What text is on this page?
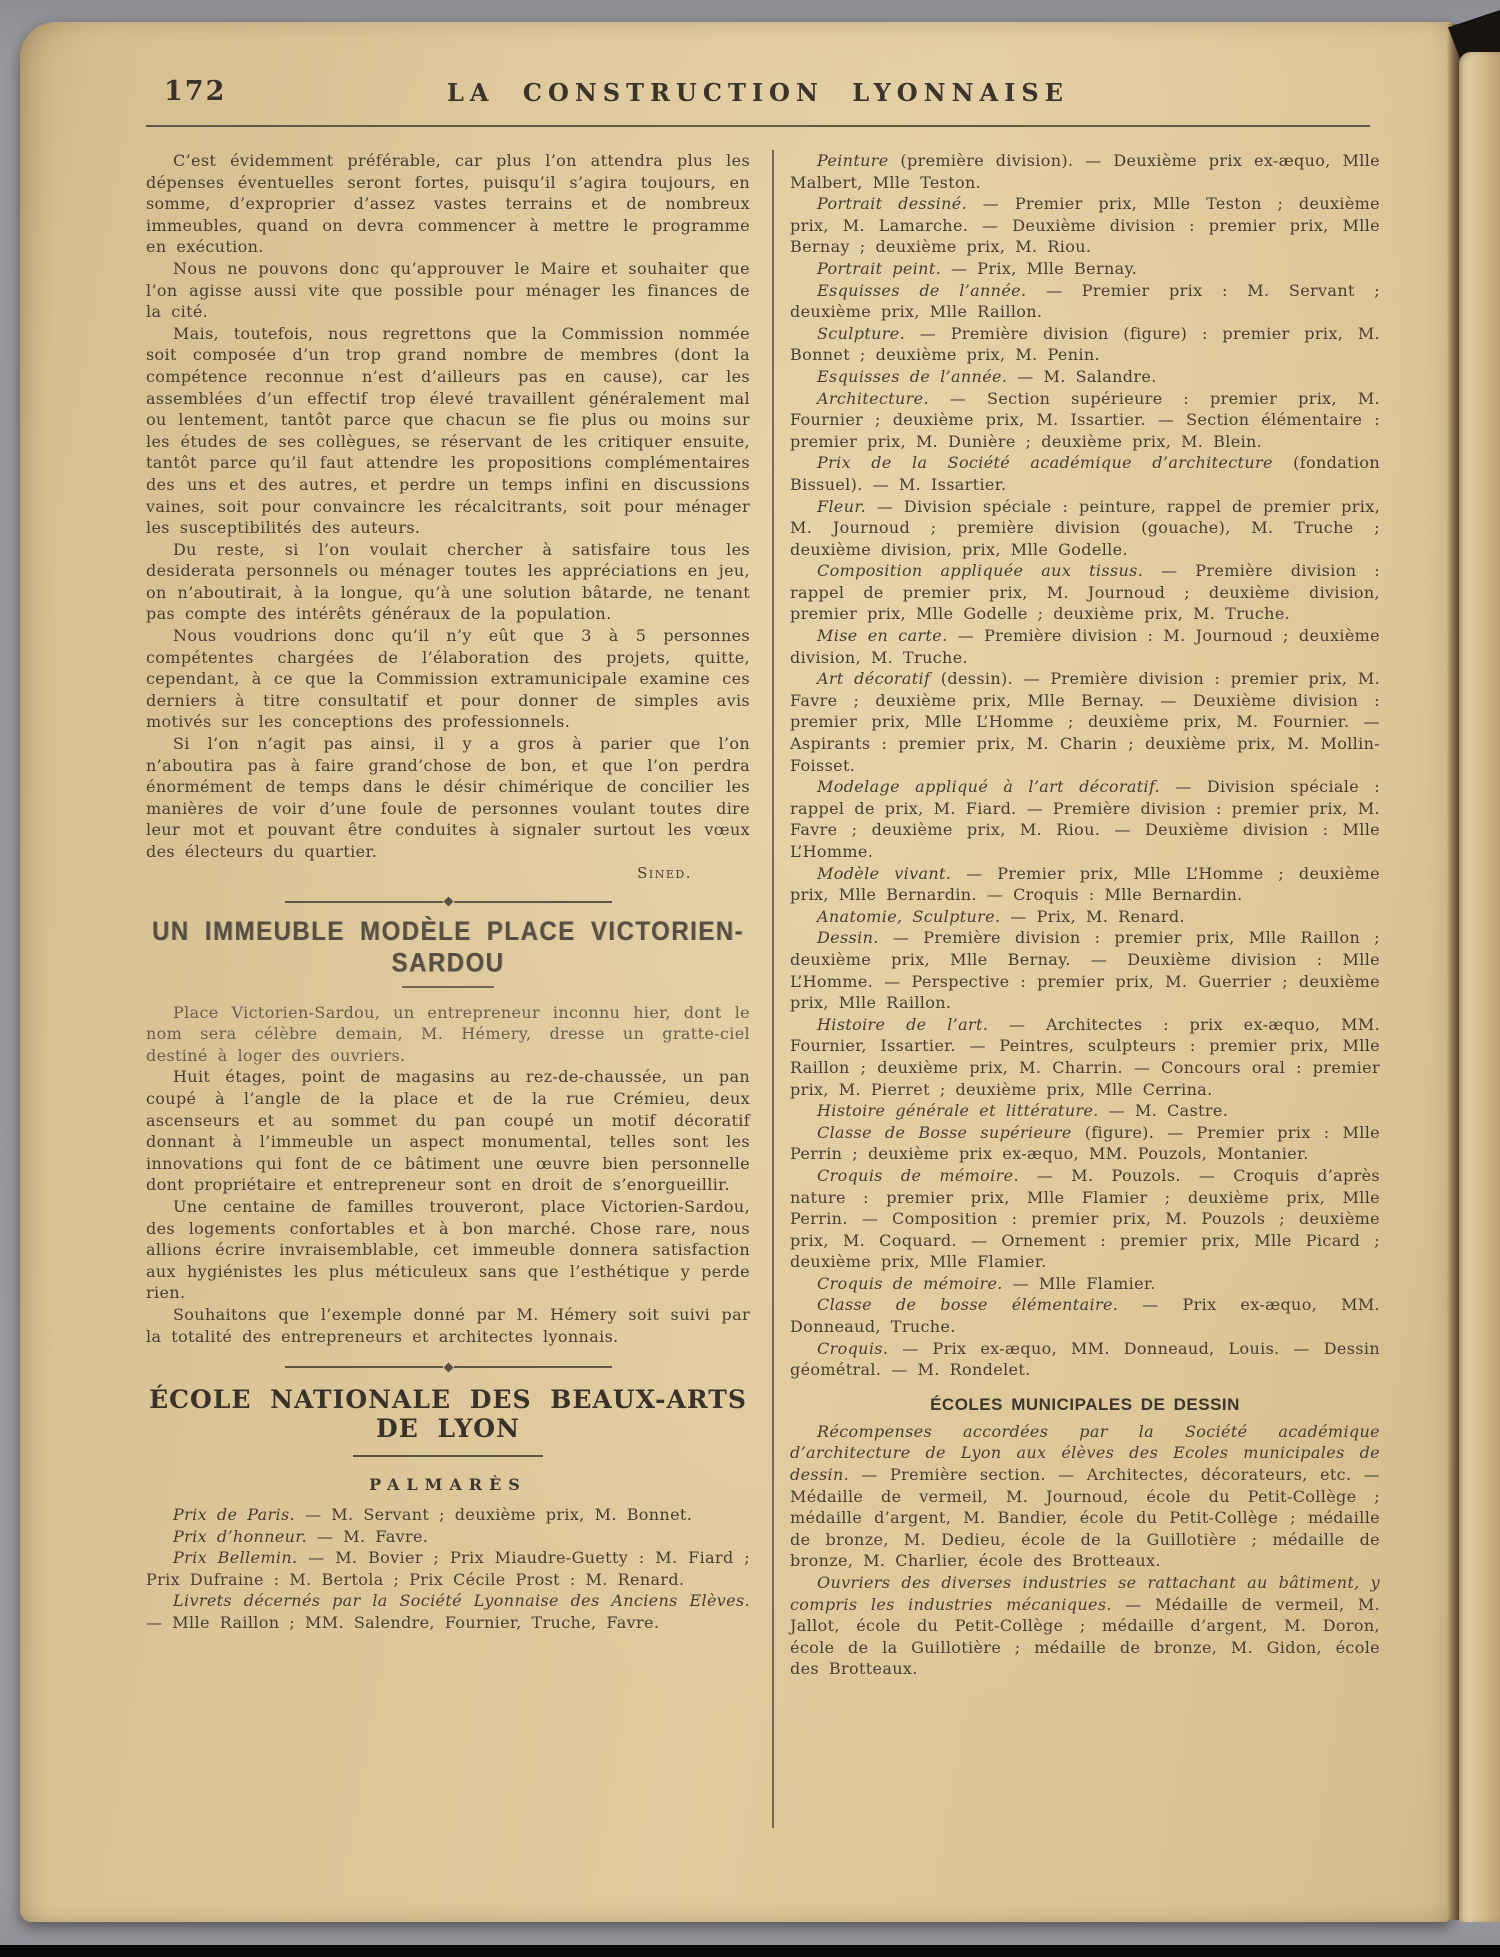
172	LA CONSTRUCTION LYONNAISE

C’est évidemment préférable, car plus l’on attendra plus les dépenses éventuelles seront fortes, puisqu’il s’agira toujours, en somme, d’exproprier d’assez vastes terrains et de nombreux immeubles, quand on devra commencer à mettre le programme en exécution.

Nous ne pouvons donc qu’approuver le Maire et souhaiter que l’on agisse aussi vite que possible pour ménager les finances de la cité.

Mais, toutefois, nous regrettons que la Commission nommée soit composée d’un trop grand nombre de membres (dont la compétence reconnue n’est d’ailleurs pas en cause), car les assemblées d’un effectif trop élevé travaillent généralement mal ou lentement, tantôt parce que chacun se fie plus ou moins sur les études de ses collègues, se réservant de les critiquer ensuite, tantôt parce qu’il faut attendre les propositions complémentaires des uns et des autres, et perdre un temps infini en discussions vaines, soit pour convaincre les récalcitrants, soit pour ménager les susceptibilités des auteurs.

Du reste, si l’on voulait chercher à satisfaire tous les desiderata personnels ou ménager toutes les appréciations en jeu, on n’aboutirait, à la longue, qu’à une solution bâtarde, ne tenant pas compte des intérêts généraux de la population.

Nous voudrions donc qu’il n’y eût que 3 à 5 personnes compétentes chargées de l’élaboration des projets, quitte, cependant, à ce que la Commission extramunicipale examine ces derniers à titre consultatif et pour donner de simples avis motivés sur les conceptions des professionnels.

Si l’on n’agit pas ainsi, il y a gros à parier que l’on n’aboutira pas à faire grand’chose de bon, et que l’on perdra énormément de temps dans le désir chimérique de concilier les manières de voir d’une foule de personnes voulant toutes dire leur mot et pouvant être conduites à signaler surtout les vœux des électeurs du quartier.

Sined.

UN IMMEUBLE MODÈLE PLACE VICTORIEN-SARDOU

Place Victorien-Sardou, un entrepreneur inconnu hier, dont le nom sera célèbre demain, M. Hémery, dresse un gratte-ciel destiné à loger des ouvriers.

Huit étages, point de magasins au rez-de-chaussée, un pan coupé à l’angle de la place et de la rue Crémieu, deux ascenseurs et au sommet du pan coupé un motif décoratif donnant à l’immeuble un aspect monumental, telles sont les innovations qui font de ce bâtiment une œuvre bien personnelle dont propriétaire et entrepreneur sont en droit de s’enorgueillir.

Une centaine de familles trouveront, place Victorien-Sardou, des logements confortables et à bon marché. Chose rare, nous allions écrire invraisemblable, cet immeuble donnera satisfaction aux hygiénistes les plus méticuleux sans que l’esthétique y perde rien.

Souhaitons que l’exemple donné par M. Hémery soit suivi par la totalité des entrepreneurs et architectes lyonnais.

ÉCOLE NATIONALE DES BEAUX-ARTS DE LYON
PALMARÈS

Prix de Paris. — M. Servant ; deuxième prix, M. Bonnet.

Prix d’honneur. — M. Favre.

Prix Bellemin. — M. Bovier ; Prix Miaudre-Guetty : M. Fiard ; Prix Dufraine : M. Bertola ; Prix Cécile Prost : M. Renard.

Livrets décernés par la Société Lyonnaise des Anciens Elèves. — Mlle Raillon ; MM. Salendre, Fournier, Truche, Favre.

Peinture (première division). — Deuxième prix ex-æquo, Mlle Malbert, Mlle Teston.

Portrait dessiné. — Premier prix, Mlle Teston ; deuxième prix, M. Lamarche. — Deuxième division : premier prix, Mlle Bernay ; deuxième prix, M. Riou.

Portrait peint. — Prix, Mlle Bernay.

Esquisses de l’année. — Premier prix : M. Servant ; deuxième prix, Mlle Raillon.

Sculpture. — Première division (figure) : premier prix, M. Bonnet ; deuxième prix, M. Penin.

Esquisses de l’année. — M. Salandre.

Architecture. — Section supérieure : premier prix, M. Fournier ; deuxième prix, M. Issartier. — Section élémentaire : premier prix, M. Dunière ; deuxième prix, M. Blein.

Prix de la Société académique d’architecture (fondation Bissuel). — M. Issartier.

Fleur. — Division spéciale : peinture, rappel de premier prix, M. Journoud ; première division (gouache), M. Truche ; deuxième division, prix, Mlle Godelle.

Composition appliquée aux tissus. — Première division : rappel de premier prix, M. Journoud ; deuxième division, premier prix, Mlle Godelle ; deuxième prix, M. Truche.

Mise en carte. — Première division : M. Journoud ; deuxième division, M. Truche.

Art décoratif (dessin). — Première division : premier prix, M. Favre ; deuxième prix, Mlle Bernay. — Deuxième division : premier prix, Mlle L’Homme ; deuxième prix, M. Fournier. — Aspirants : premier prix, M. Charin ; deuxième prix, M. Mollin-Foisset.

Modelage appliqué à l’art décoratif. — Division spéciale : rappel de prix, M. Fiard. — Première division : premier prix, M. Favre ; deuxième prix, M. Riou. — Deuxième division : Mlle L’Homme.

Modèle vivant. — Premier prix, Mlle L’Homme ; deuxième prix, Mlle Bernardin. — Croquis : Mlle Bernardin.

Anatomie, Sculpture. — Prix, M. Renard.

Dessin. — Première division : premier prix, Mlle Raillon ; deuxième prix, Mlle Bernay. — Deuxième division : Mlle L’Homme. — Perspective : premier prix, M. Guerrier ; deuxième prix, Mlle Raillon.

Histoire de l’art. — Architectes : prix ex-æquo, MM. Fournier, Issartier. — Peintres, sculpteurs : premier prix, Mlle Raillon ; deuxième prix, M. Charrin. — Concours oral : premier prix, M. Pierret ; deuxième prix, Mlle Cerrina.

Histoire générale et littérature. — M. Castre.

Classe de Bosse supérieure (figure). — Premier prix : Mlle Perrin ; deuxième prix ex-æquo, MM. Pouzols, Montanier.

Croquis de mémoire. — M. Pouzols. — Croquis d’après nature : premier prix, Mlle Flamier ; deuxième prix, Mlle Perrin. — Composition : premier prix, M. Pouzols ; deuxième prix, M. Coquard. — Ornement : premier prix, Mlle Picard ; deuxième prix, Mlle Flamier.

Croquis de mémoire. — Mlle Flamier.

Classe de bosse élémentaire. — Prix ex-æquo, MM. Donneaud, Truche.

Croquis. — Prix ex-æquo, MM. Donneaud, Louis. — Dessin géométral. — M. Rondelet.

ÉCOLES MUNICIPALES DE DESSIN

Récompenses accordées par la Société académique d’architecture de Lyon aux élèves des Ecoles municipales de dessin. — Première section. — Architectes, décorateurs, etc. — Médaille de vermeil, M. Journoud, école du Petit-Collège ; médaille d’argent, M. Bandier, école du Petit-Collège ; médaille de bronze, M. Dedieu, école de la Guillotière ; médaille de bronze, M. Charlier, école des Brotteaux.

Ouvriers des diverses industries se rattachant au bâtiment, y compris les industries mécaniques. — Médaille de vermeil, M. Jallot, école du Petit-Collège ; médaille d’argent, M. Doron, école de la Guillotière ; médaille de bronze, M. Gidon, école des Brotteaux.
